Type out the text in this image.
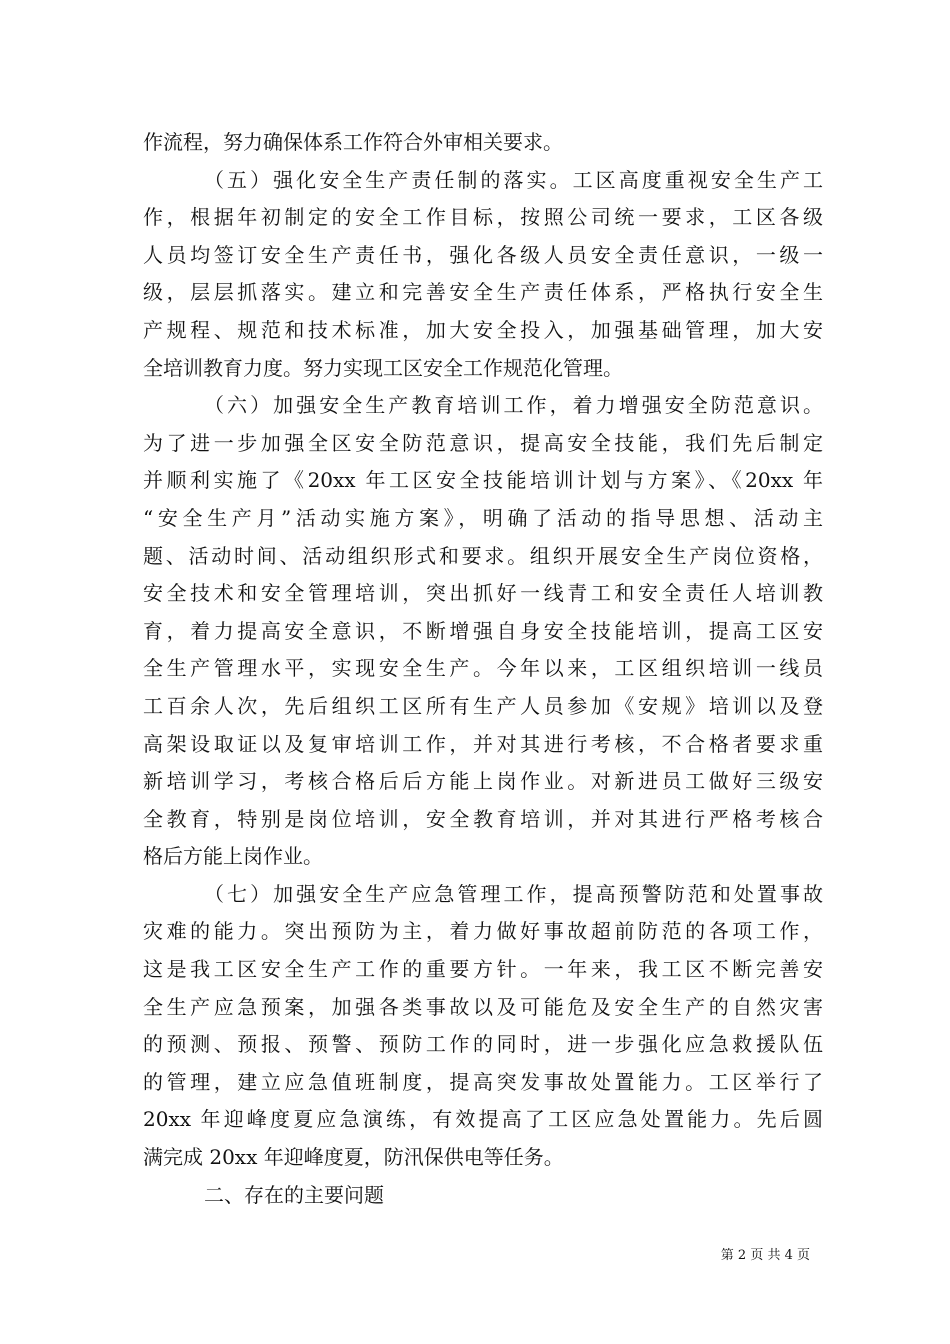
作流程，努力确保体系工作符合外审相关要求。
（五）强化安全生产责任制的落实。工区高度重视安全生产工
作，根据年初制定的安全工作目标，按照公司统一要求，工区各级
人员均签订安全生产责任书，强化各级人员安全责任意识，一级一
级，层层抓落实。建立和完善安全生产责任体系，严格执行安全生
产规程、规范和技术标准，加大安全投入，加强基础管理，加大安
全培训教育力度。努力实现工区安全工作规范化管理。
（六）加强安全生产教育培训工作，着力增强安全防范意识。
为了进一步加强全区安全防范意识，提高安全技能，我们先后制定
并顺利实施了《20xx 年工区安全技能培训计划与方案》、《20xx 年
“安全生产月”活动实施方案》，明确了活动的指导思想、活动主
题、活动时间、活动组织形式和要求。组织开展安全生产岗位资格，
安全技术和安全管理培训，突出抓好一线青工和安全责任人培训教
育，着力提高安全意识，不断增强自身安全技能培训，提高工区安
全生产管理水平，实现安全生产。今年以来，工区组织培训一线员
工百余人次，先后组织工区所有生产人员参加《安规》培训以及登
高架设取证以及复审培训工作，并对其进行考核，不合格者要求重
新培训学习，考核合格后后方能上岗作业。对新进员工做好三级安
全教育，特别是岗位培训，安全教育培训，并对其进行严格考核合
格后方能上岗作业。
（七）加强安全生产应急管理工作，提高预警防范和处置事故
灾难的能力。突出预防为主，着力做好事故超前防范的各项工作，
这是我工区安全生产工作的重要方针。一年来，我工区不断完善安
全生产应急预案，加强各类事故以及可能危及安全生产的自然灾害
的预测、预报、预警、预防工作的同时，进一步强化应急救援队伍
的管理，建立应急值班制度，提高突发事故处置能力。工区举行了
20xx 年迎峰度夏应急演练，有效提高了工区应急处置能力。先后圆
满完成 20xx 年迎峰度夏，防汛保供电等任务。
二、存在的主要问题
第 2 页 共 4 页
